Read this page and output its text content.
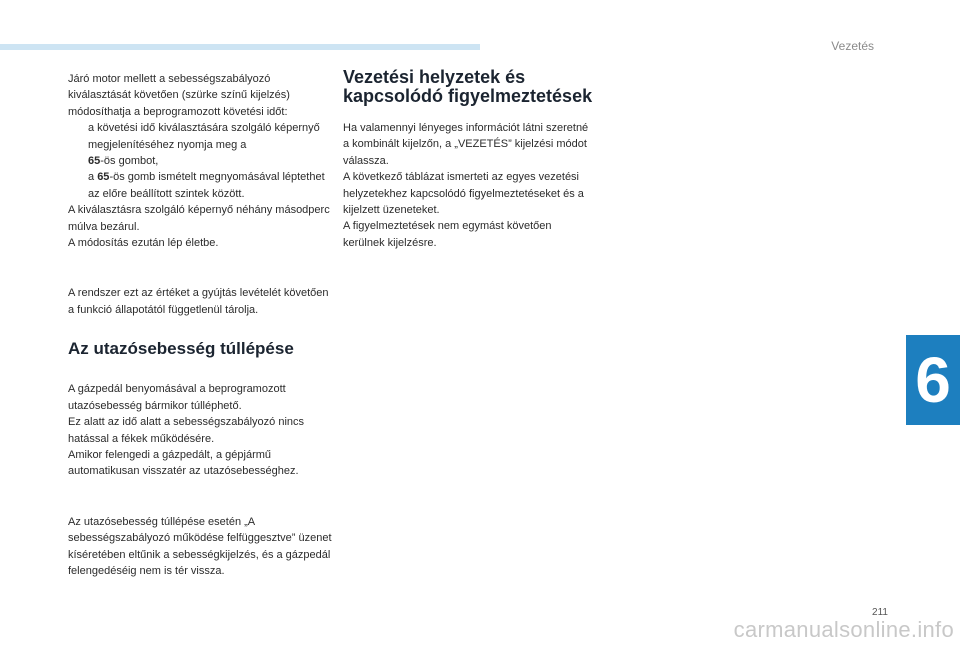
Vezetés
6

Járó motor mellett a sebességszabályozó kiválasztását követően (szürke színű kijelzés) módosíthatja a beprogramozott követési időt:

a követési idő kiválasztására szolgáló képernyő megjelenítéséhez nyomja meg a
65-ös gombot,
a 65-ös gomb ismételt megnyomásával léptethet az előre beállított szintek között.

A kiválasztásra szolgáló képernyő néhány másodperc múlva bezárul.

A módosítás ezután lép életbe.

A rendszer ezt az értéket a gyújtás levételét követően a funkció állapotától függetlenül tárolja.

Az utazósebesség túllépése

A gázpedál benyomásával a beprogramozott utazósebesség bármikor túlléphető.

Ez alatt az idő alatt a sebességszabályozó nincs hatással a fékek működésére.

Amikor felengedi a gázpedált, a gépjármű automatikusan visszatér az utazósebességhez.

Az utazósebesség túllépése esetén „A sebességszabályozó működése felfüggesztve” üzenet kíséretében eltűnik a sebességkijelzés, és a gázpedál felengedéséig nem is tér vissza.

Vezetési helyzetek és kapcsolódó figyelmeztetések

Ha valamennyi lényeges információt látni szeretné a kombinált kijelzőn, a „VEZETÉS” kijelzési módot válassza.

A következő táblázat ismerteti az egyes vezetési helyzetekhez kapcsolódó figyelmeztetéseket és a kijelzett üzeneteket.

A figyelmeztetések nem egymást követően kerülnek kijelzésre.

211
carmanualsonline.info
